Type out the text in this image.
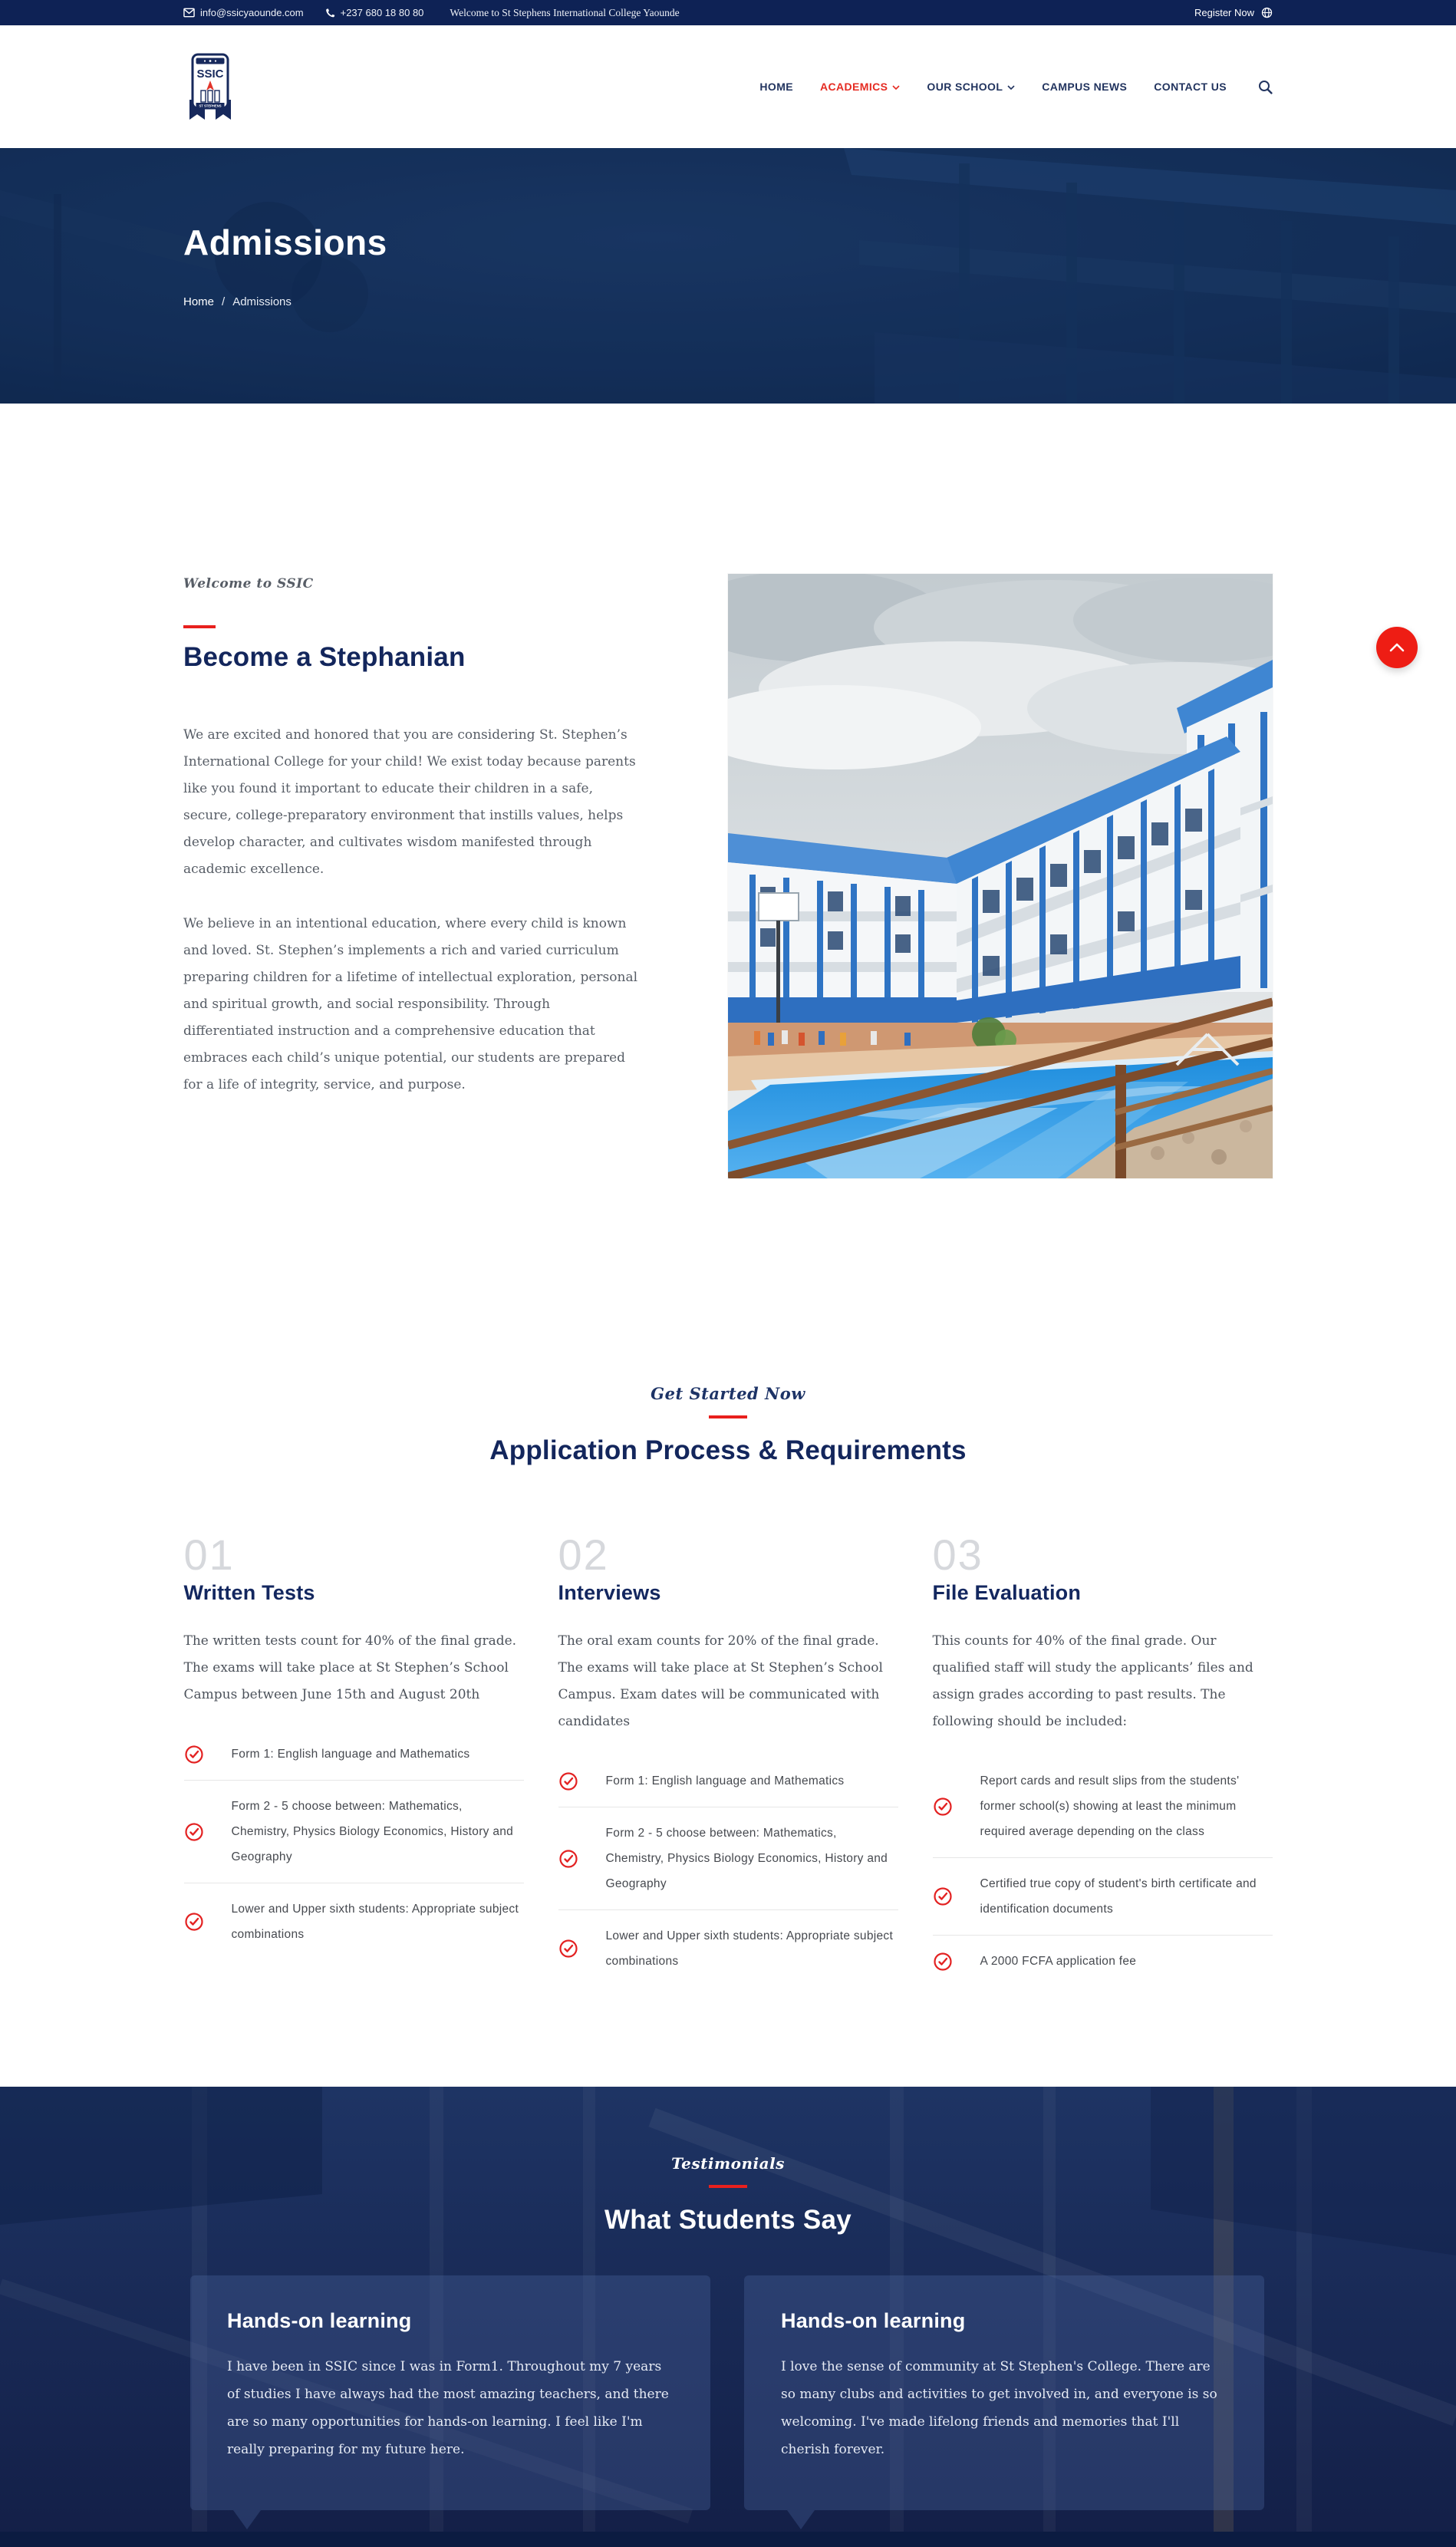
info@ssicyaounde.com	+237 680 18 80 80	Welcome to St Stephens International College Yaounde	Register Now
SSIC
ST STEPHENS
HOME	ACADEMICS	OUR SCHOOL	CAMPUS NEWS	CONTACT US
Admissions
Home / Admissions

Welcome to SSIC

Become a Stephanian

We are excited and honored that you are considering St. Stephen’s International College for your child! We exist today because parents like you found it important to educate their children in a safe, secure, college-preparatory environment that instills values, helps develop character, and cultivates wisdom manifested through academic excellence.

We believe in an intentional education, where every child is known and loved. St. Stephen’s implements a rich and varied curriculum preparing children for a lifetime of intellectual exploration, personal and spiritual growth, and social responsibility. Through differentiated instruction and a comprehensive education that embraces each child’s unique potential, our students are prepared for a life of integrity, service, and purpose.

Get Started Now

Application Process & Requirements
01
Written Tests

The written tests count for 40% of the final grade. The exams will take place at St Stephen’s School Campus between June 15th and August 20th

Form 1: English language and Mathematics
Form 2 - 5 choose between: Mathematics, Chemistry, Physics Biology Economics, History and Geography
Lower and Upper sixth students: Appropriate subject combinations
02
Interviews

The oral exam counts for 20% of the final grade. The exams will take place at St Stephen’s School Campus. Exam dates will be communicated with candidates

Form 1: English language and Mathematics
Form 2 - 5 choose between: Mathematics, Chemistry, Physics Biology Economics, History and Geography
Lower and Upper sixth students: Appropriate subject combinations
03
File Evaluation

This counts for 40% of the final grade. Our qualified staff will study the applicants’ files and assign grades according to past results. The following should be included:

Report cards and result slips from the students' former school(s) showing at least the minimum required average depending on the class
Certified true copy of student's birth certificate and identification documents
A 2000 FCFA application fee

Testimonials

What Students Say
Hands-on learning

I have been in SSIC since I was in Form1. Throughout my 7 years of studies I have always had the most amazing teachers, and there are so many opportunities for hands-on learning. I feel like I'm really preparing for my future here.

Hands-on learning

I love the sense of community at St Stephen's College. There are so many clubs and activities to get involved in, and everyone is so welcoming. I've made lifelong friends and memories that I'll cherish forever.
